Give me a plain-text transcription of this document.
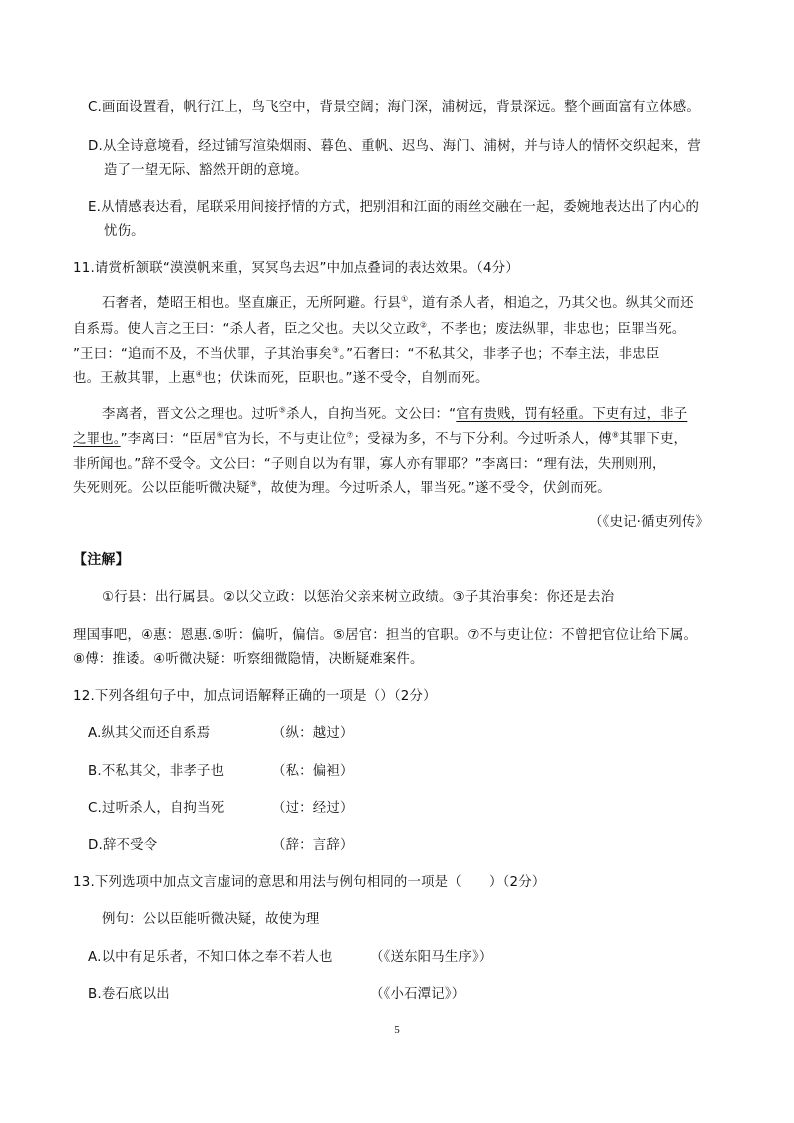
C.画面设置看，帆行江上，鸟飞空中，背景空阔；海门深，浦树远，背景深远。整个画面富有立体感。
D.从全诗意境看，经过铺写渲染烟雨、暮色、重帆、迟鸟、海门、浦树，并与诗人的情怀交织起来，营
造了一望无际、豁然开朗的意境。
E.从情感表达看，尾联采用间接抒情的方式，把别泪和江面的雨丝交融在一起，委婉地表达出了内心的
忧伤。
11.请赏析颔联“漠漠帆来重，冥冥鸟去迟”中加点叠词的表达效果。（4分）
石奢者，楚昭王相也。坚直廉正，无所阿避。行县①，道有杀人者，相追之，乃其父也。纵其父而还
自系焉。使人言之王曰：“杀人者，臣之父也。夫以父立政②，不孝也；废法纵罪，非忠也；臣罪当死。
”王曰：“追而不及，不当伏罪，子其治事矣③。”石奢曰：“不私其父，非孝子也；不奉主法，非忠臣
也。王赦其罪，上惠④也；伏诛而死，臣职也。”遂不受令，自刎而死。
李离者，晋文公之理也。过听⑤杀人，自拘当死。文公曰：“官有贵贱，罚有轻重。下吏有过，非子
之罪也。”李离曰：“臣居⑥官为长，不与吏让位⑦；受禄为多，不与下分利。今过听杀人，傅⑧其罪下吏，
非所闻也。”辞不受令。文公曰：“子则自以为有罪，寡人亦有罪耶？”李离曰：“理有法，失刑则刑，
失死则死。公以臣能听微决疑⑨，故使为理。今过听杀人，罪当死。”遂不受令，伏剑而死。
（《史记·循吏列传》
【注解】
①行县：出行属县。②以父立政：以惩治父亲来树立政绩。③子其治事矣：你还是去治
理国事吧，④惠：恩惠.⑤听：偏听，偏信。⑤居官：担当的官职。⑦不与吏让位：不曾把官位让给下属。
⑧傅：推诿。④听微决疑：听察细微隐情，决断疑难案件。
12.下列各组句子中，加点词语解释正确的一项是（）（2分）
A.纵其父而还自系焉	（纵：越过）
B.不私其父，非孝子也	（私：偏袒）
C.过听杀人，自拘当死	（过：经过）
D.辞不受令	（辞：言辞）
13.下列选项中加点文言虚词的意思和用法与例句相同的一项是（　　）（2分）
例句：公以臣能听微决疑，故使为理
A.以中有足乐者，不知口体之奉不若人也	（《送东阳马生序》）
B.卷石底以出	（《小石潭记》）
5
